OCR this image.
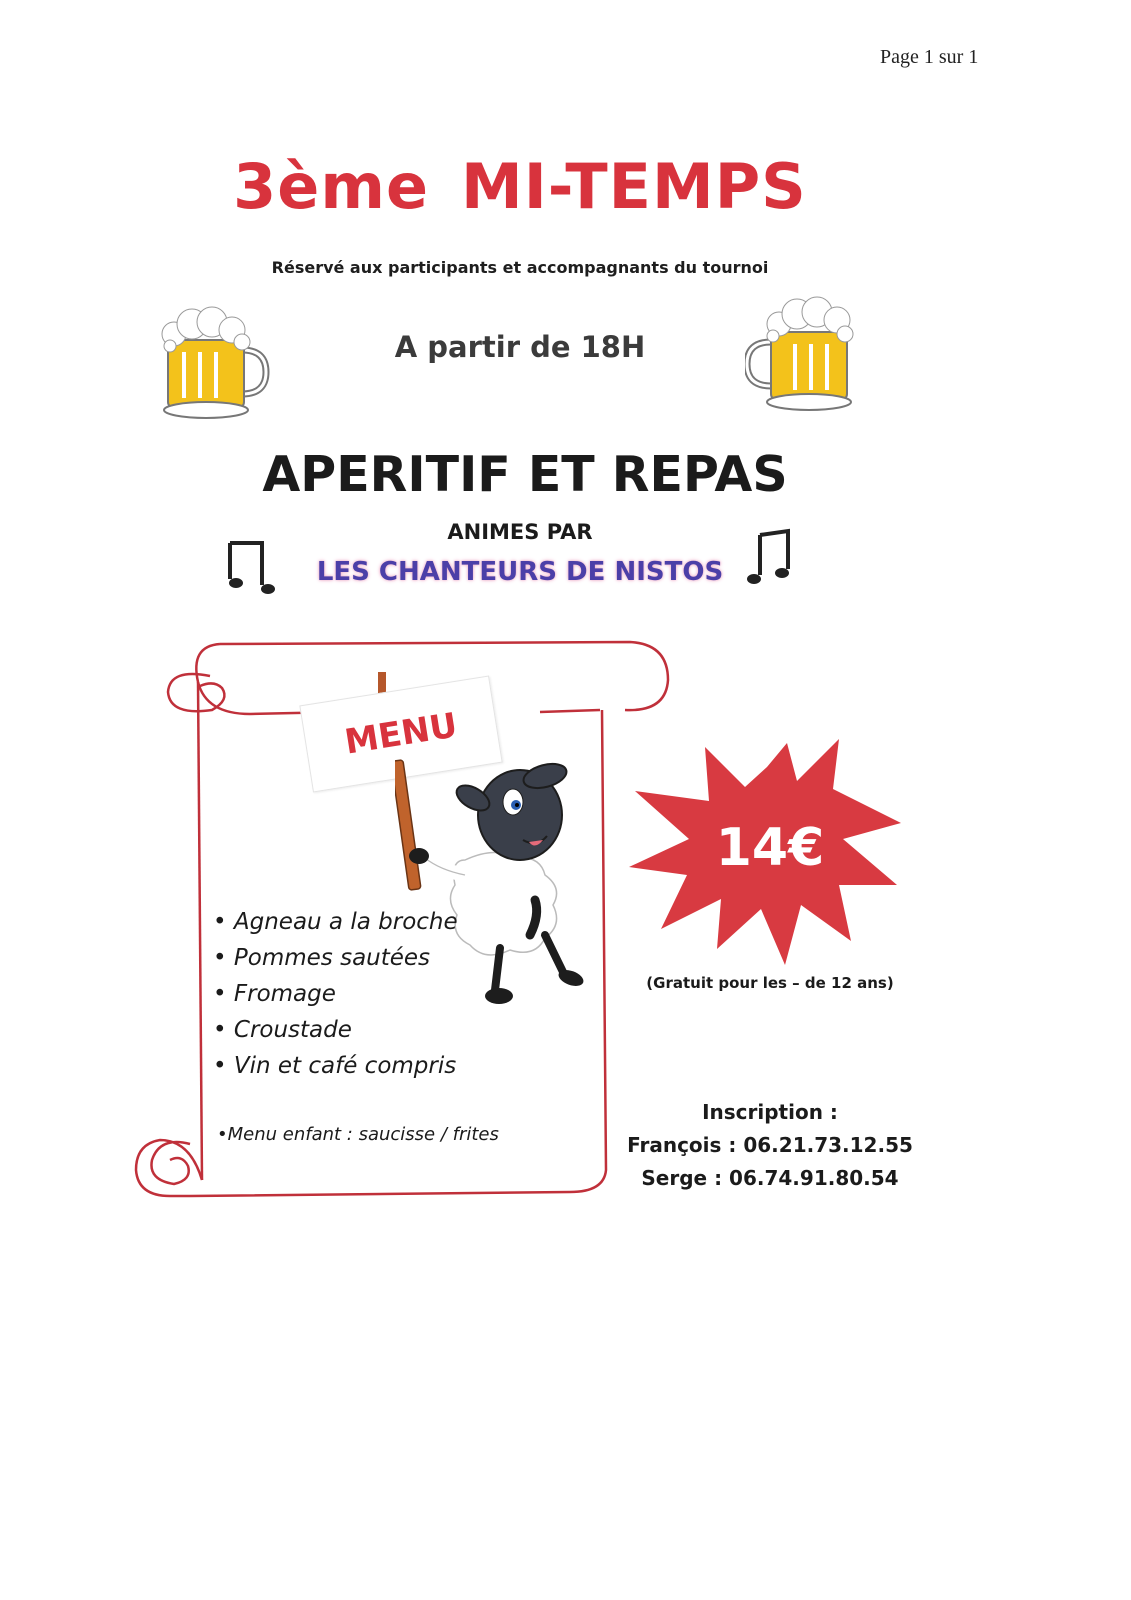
Page 1 sur 1
3ème MI-TEMPS
Réservé aux participants et accompagnants du tournoi
A partir de 18H
APERITIF ET REPAS
ANIMES PAR
LES CHANTEURS DE NISTOS
MENU
• Agneau a la broche
• Pommes sautées
• Fromage
• Croustade
• Vin et café compris
•Menu enfant : saucisse / frites
14€
(Gratuit pour les – de 12 ans)
Inscription :
François : 06.21.73.12.55
Serge : 06.74.91.80.54
